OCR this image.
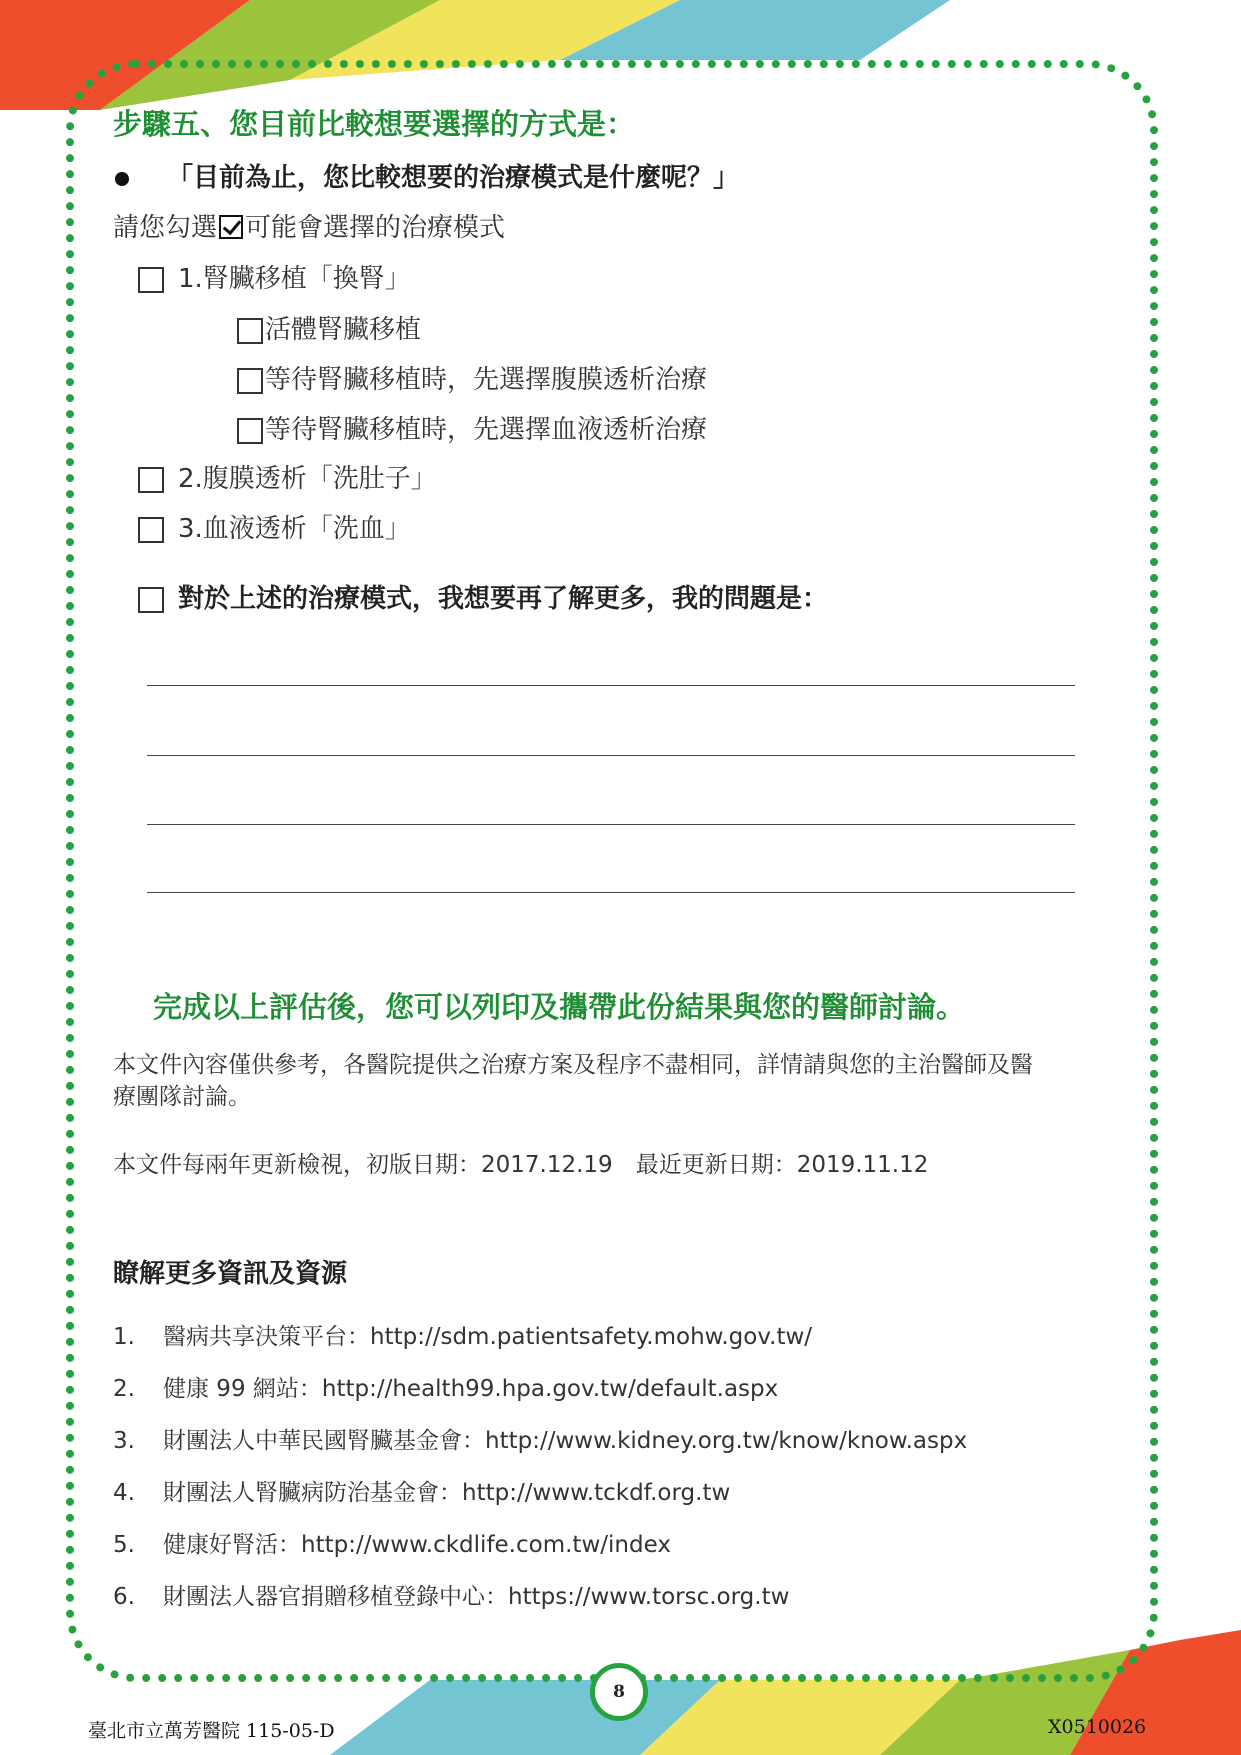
步驟五、您目前比較想要選擇的方式是：
「目前為止，您比較想要的治療模式是什麼呢？」
請您勾選 可能會選擇的治療模式
1.腎臟移植「換腎」
活體腎臟移植
等待腎臟移植時，先選擇腹膜透析治療
等待腎臟移植時，先選擇血液透析治療
2.腹膜透析「洗肚子」
3.血液透析「洗血」
對於上述的治療模式，我想要再了解更多，我的問題是：
完成以上評估後，您可以列印及攜帶此份結果與您的醫師討論。
本文件內容僅供參考，各醫院提供之治療方案及程序不盡相同，詳情請與您的主治醫師及醫
療團隊討論。
本文件每兩年更新檢視，初版日期：2017.12.19　最近更新日期：2019.11.12
瞭解更多資訊及資源
1. 醫病共享決策平台：http://sdm.patientsafety.mohw.gov.tw/
2. 健康 99 網站：http://health99.hpa.gov.tw/default.aspx
3. 財團法人中華民國腎臟基金會：http://www.kidney.org.tw/know/know.aspx
4. 財團法人腎臟病防治基金會：http://www.tckdf.org.tw
5. 健康好腎活：http://www.ckdlife.com.tw/index
6. 財團法人器官捐贈移植登錄中心：https://www.torsc.org.tw
8
臺北市立萬芳醫院 115-05-D	X0510026
